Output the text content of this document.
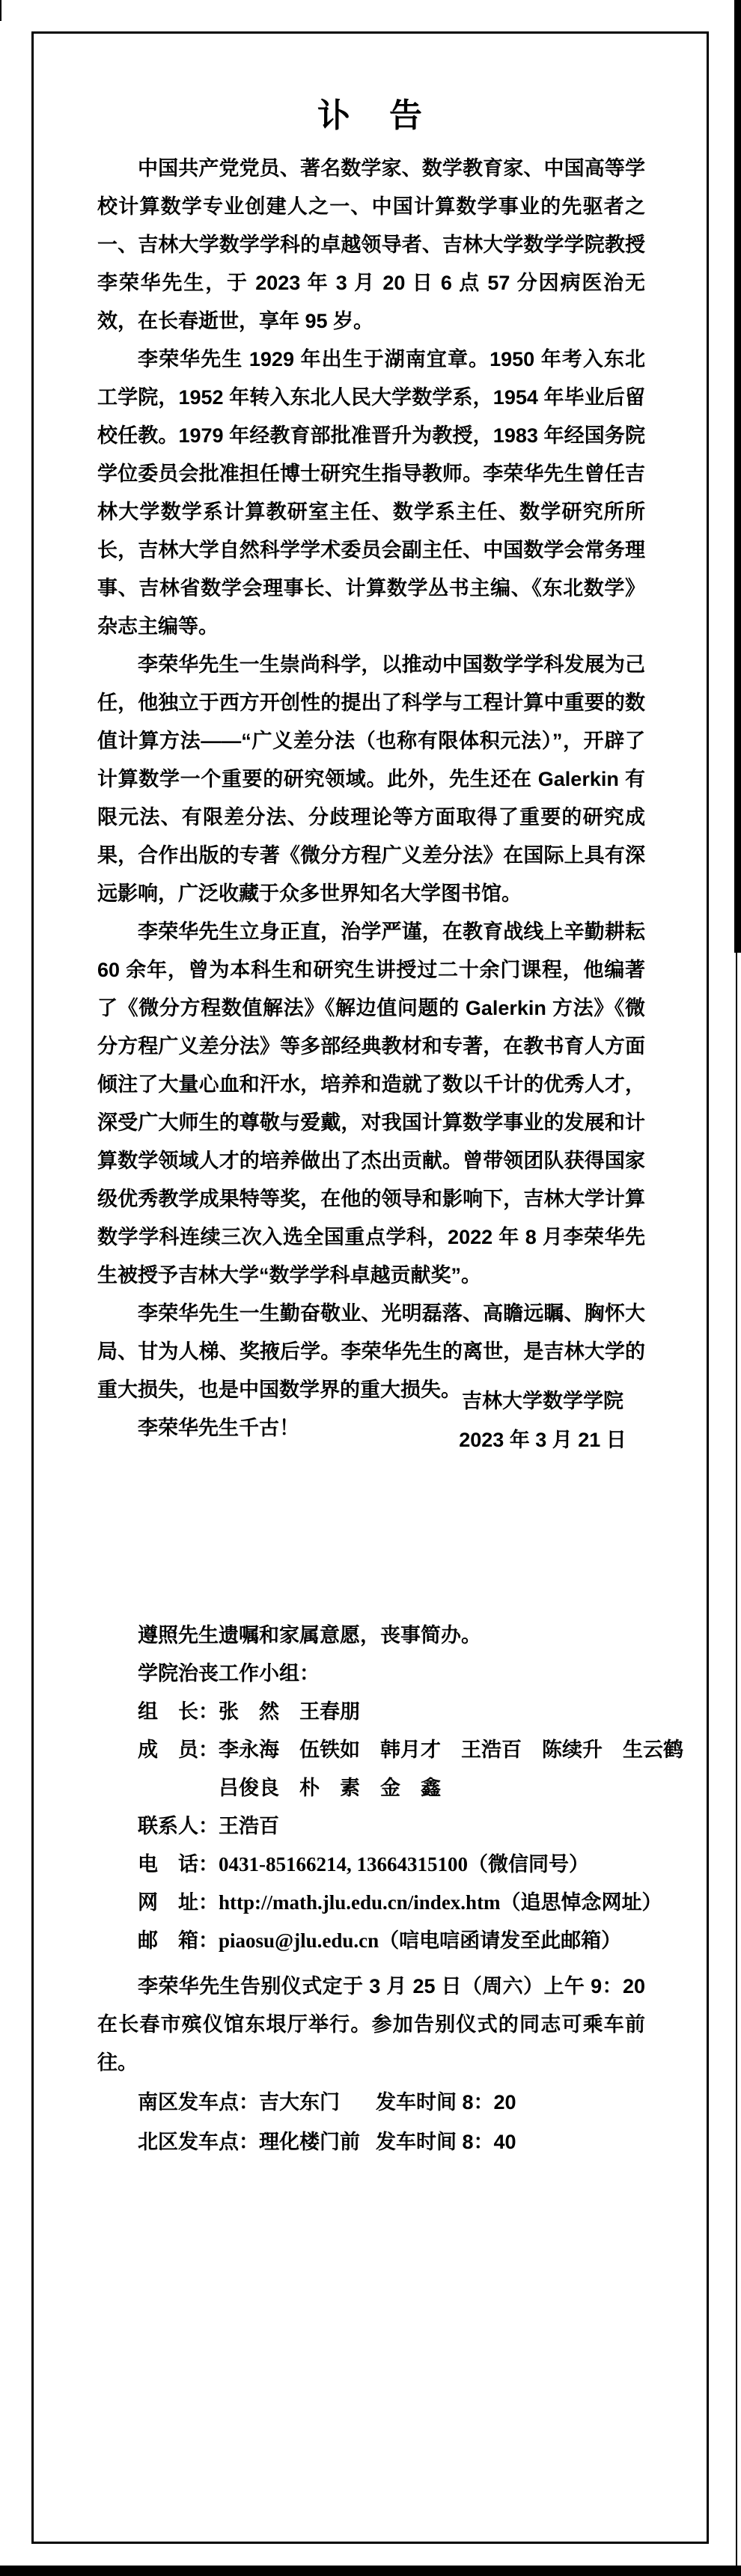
讣　告

中国共产党党员、著名数学家、数学教育家、中国高等学校计算数学专业创建人之一、中国计算数学事业的先驱者之一、吉林大学数学学科的卓越领导者、吉林大学数学学院教授李荣华先生，于 2023 年 3 月 20 日 6 点 57 分因病医治无效，在长春逝世，享年 95 岁。

李荣华先生 1929 年出生于湖南宜章。1950 年考入东北工学院，1952 年转入东北人民大学数学系，1954 年毕业后留校任教。1979 年经教育部批准晋升为教授，1983 年经国务院学位委员会批准担任博士研究生指导教师。李荣华先生曾任吉林大学数学系计算教研室主任、数学系主任、数学研究所所长，吉林大学自然科学学术委员会副主任、中国数学会常务理事、吉林省数学会理事长、计算数学丛书主编、《东北数学》杂志主编等。

李荣华先生一生崇尚科学，以推动中国数学学科发展为己任，他独立于西方开创性的提出了科学与工程计算中重要的数值计算方法——“广义差分法（也称有限体积元法）”，开辟了计算数学一个重要的研究领域。此外，先生还在 Galerkin 有限元法、有限差分法、分歧理论等方面取得了重要的研究成果，合作出版的专著《微分方程广义差分法》在国际上具有深远影响，广泛收藏于众多世界知名大学图书馆。

李荣华先生立身正直，治学严谨，在教育战线上辛勤耕耘 60 余年，曾为本科生和研究生讲授过二十余门课程，他编著了《微分方程数值解法》《解边值问题的 Galerkin 方法》《微分方程广义差分法》等多部经典教材和专著，在教书育人方面倾注了大量心血和汗水，培养和造就了数以千计的优秀人才，深受广大师生的尊敬与爱戴，对我国计算数学事业的发展和计算数学领域人才的培养做出了杰出贡献。曾带领团队获得国家级优秀教学成果特等奖，在他的领导和影响下，吉林大学计算数学学科连续三次入选全国重点学科，2022 年 8 月李荣华先生被授予吉林大学“数学学科卓越贡献奖”。

李荣华先生一生勤奋敬业、光明磊落、高瞻远瞩、胸怀大局、甘为人梯、奖掖后学。李荣华先生的离世，是吉林大学的重大损失，也是中国数学界的重大损失。

李荣华先生千古！

吉林大学数学学院
2023 年 3 月 21 日

遵照先生遗嘱和家属意愿，丧事简办。

学院治丧工作小组：

组　长：张　然　王春朋

成　员：李永海　伍铁如　韩月才　王浩百　陈续升　生云鹤

吕俊良　朴　素　金　鑫

联系人：王浩百

电　话：0431-85166214, 13664315100（微信同号）

网　址：http://math.jlu.edu.cn/index.htm（追思悼念网址）

邮　箱：piaosu@jlu.edu.cn（唁电唁函请发至此邮箱）

李荣华先生告别仪式定于 3 月 25 日（周六）上午 9：20 在长春市殡仪馆东垠厅举行。参加告别仪式的同志可乘车前往。

南区发车点：吉大东门 发车时间 8：20

北区发车点：理化楼门前 发车时间 8：40
